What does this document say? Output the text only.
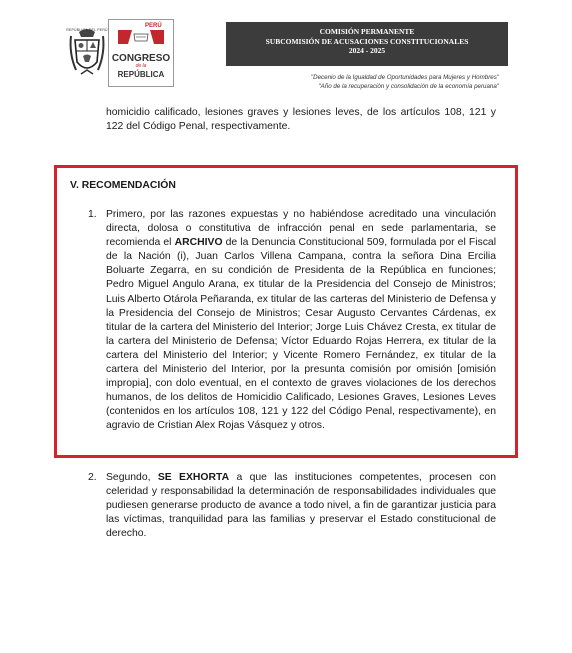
REPÚBLICA DEL PERÚ
PERÚ
CONGRESO
de la
REPÚBLICA
COMISIÓN PERMANENTE
SUBCOMISIÓN DE ACUSACIONES CONSTITUCIONALES
2024 - 2025
"Decenio de la Igualdad de Oportunidades para Mujeres y Hombres"
"Año de la recuperación y consolidación de la economía peruana"
homicidio calificado, lesiones graves y lesiones leves, de los artículos 108, 121 y 122 del Código Penal, respectivamente.
V. RECOMENDACIÓN
1. Primero, por las razones expuestas y no habiéndose acreditado una vinculación directa, dolosa o constitutiva de infracción penal en sede parlamentaria, se recomienda el ARCHIVO de la Denuncia Constitucional 509, formulada por el Fiscal de la Nación (i), Juan Carlos Villena Campana, contra la señora Dina Ercilia Boluarte Zegarra, en su condición de Presidenta de la República en funciones; Pedro Miguel Angulo Arana, ex titular de la Presidencia del Consejo de Ministros; Luis Alberto Otárola Peñaranda, ex titular de las carteras del Ministerio de Defensa y la Presidencia del Consejo de Ministros; Cesar Augusto Cervantes Cárdenas, ex titular de la cartera del Ministerio del Interior; Jorge Luis Chávez Cresta, ex titular de la cartera del Ministerio de Defensa; Víctor Eduardo Rojas Herrera, ex titular de la cartera del Ministerio del Interior; y Vicente Romero Fernández, ex titular de la cartera del Ministerio del Interior, por la presunta comisión por omisión [omisión impropia], con dolo eventual, en el contexto de graves violaciones de los derechos humanos, de los delitos de Homicidio Calificado, Lesiones Graves, Lesiones Leves (contenidos en los artículos 108, 121 y 122 del Código Penal, respectivamente), en agravio de Cristian Alex Rojas Vásquez y otros.
2. Segundo, SE EXHORTA a que las instituciones competentes, procesen con celeridad y responsabilidad la determinación de responsabilidades individuales que pudiesen generarse producto de avance a todo nivel, a fin de garantizar justicia para las víctimas, tranquilidad para las familias y preservar el Estado constitucional de derecho.
